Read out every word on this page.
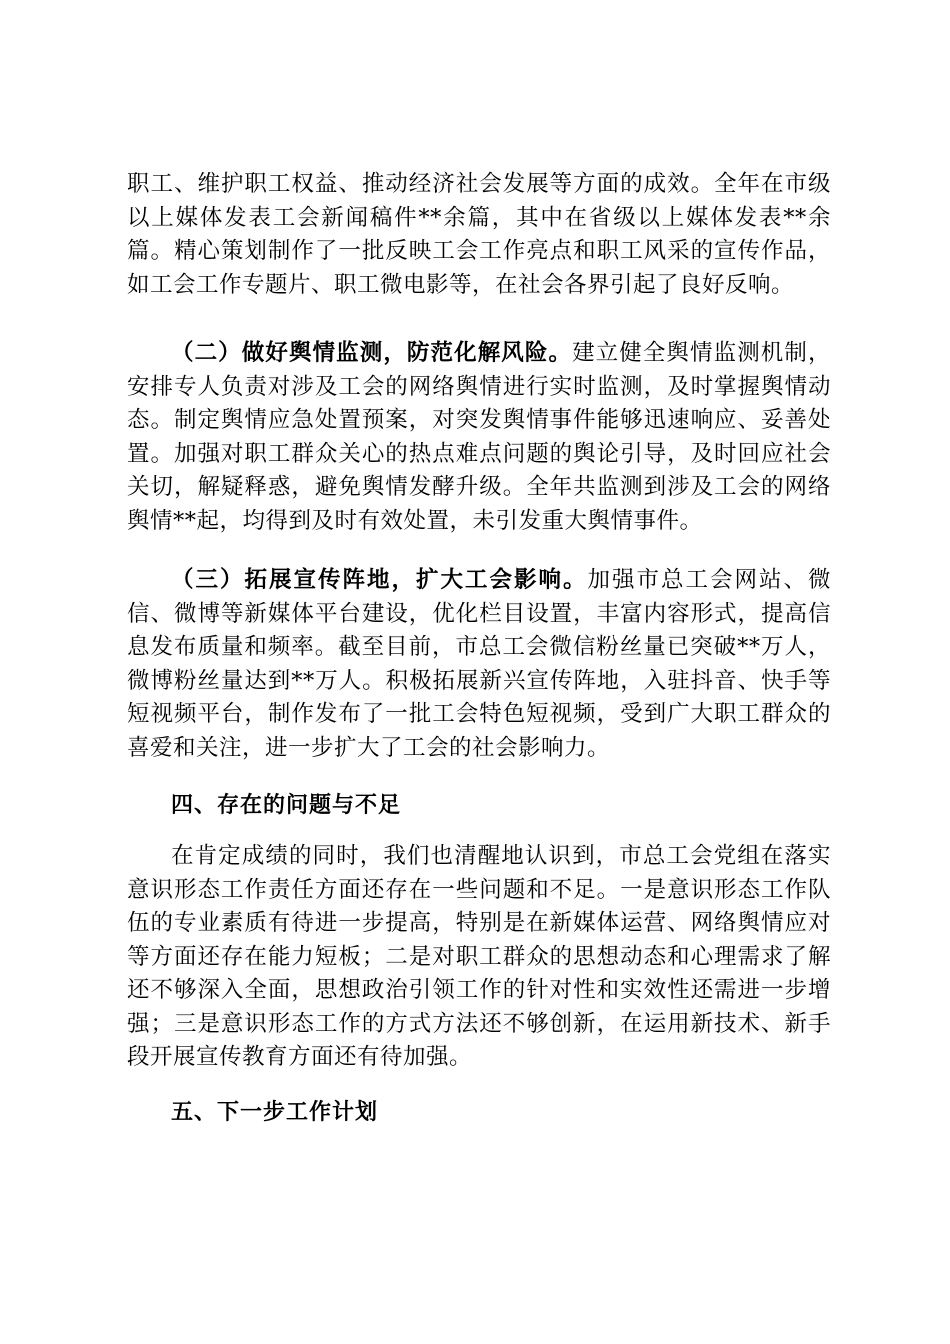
职工、维护职工权益、推动经济社会发展等方面的成效。全年在市级以上媒体发表工会新闻稿件**余篇，其中在省级以上媒体发表**余篇。精心策划制作了一批反映工会工作亮点和职工风采的宣传作品，如工会工作专题片、职工微电影等，在社会各界引起了良好反响。

（二）做好舆情监测，防范化解风险。建立健全舆情监测机制，安排专人负责对涉及工会的网络舆情进行实时监测，及时掌握舆情动态。制定舆情应急处置预案，对突发舆情事件能够迅速响应、妥善处置。加强对职工群众关心的热点难点问题的舆论引导，及时回应社会关切，解疑释惑，避免舆情发酵升级。全年共监测到涉及工会的网络舆情**起，均得到及时有效处置，未引发重大舆情事件。

（三）拓展宣传阵地，扩大工会影响。加强市总工会网站、微信、微博等新媒体平台建设，优化栏目设置，丰富内容形式，提高信息发布质量和频率。截至目前，市总工会微信粉丝量已突破**万人，微博粉丝量达到**万人。积极拓展新兴宣传阵地，入驻抖音、快手等短视频平台，制作发布了一批工会特色短视频，受到广大职工群众的喜爱和关注，进一步扩大了工会的社会影响力。

四、存在的问题与不足

在肯定成绩的同时，我们也清醒地认识到，市总工会党组在落实意识形态工作责任方面还存在一些问题和不足。一是意识形态工作队伍的专业素质有待进一步提高，特别是在新媒体运营、网络舆情应对等方面还存在能力短板；二是对职工群众的思想动态和心理需求了解还不够深入全面，思想政治引领工作的针对性和实效性还需进一步增强；三是意识形态工作的方式方法还不够创新，在运用新技术、新手段开展宣传教育方面还有待加强。

五、下一步工作计划
